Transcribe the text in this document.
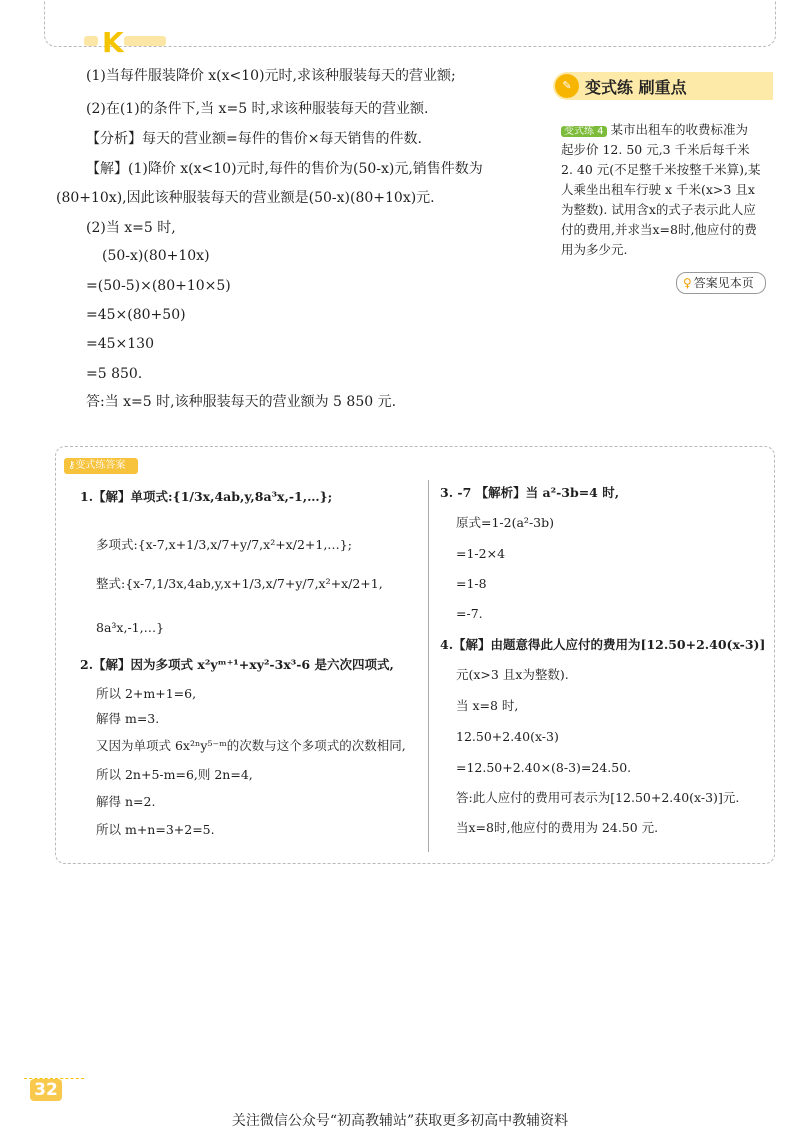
K
(1)当每件服装降价 x(x<10)元时,求该种服装每天的营业额;
(2)在(1)的条件下,当 x=5 时,求该种服装每天的营业额.
【分析】每天的营业额=每件的售价×每天销售的件数.
【解】(1)降价 x(x<10)元时,每件的售价为(50-x)元,销售件数为
(80+10x),因此该种服装每天的营业额是(50-x)(80+10x)元.
(2)当 x=5 时,
(50-x)(80+10x)
=(50-5)×(80+10×5)
=45×(80+50)
=45×130
=5 850.
答:当 x=5 时,该种服装每天的营业额为 5 850 元.
✎ 变式练 刷重点
变式练 4 某市出租车的收费标准为
起步价 12. 50 元,3 千米后每千米
2. 40 元(不足整千米按整千米算),某
人乘坐出租车行驶 x 千米(x>3 且x
为整数). 试用含x的式子表示此人应
付的费用,并求当x=8时,他应付的费
用为多少元.
♀ 答案见本页
⚷变式练答案
1.【解】单项式:{1/3x,4ab,y,8a³x,-1,…};
多项式:{x-7,x+1/3,x/7+y/7,x²+x/2+1,…};
整式:{x-7,1/3x,4ab,y,x+1/3,x/7+y/7,x²+x/2+1,
8a³x,-1,…}
2.【解】因为多项式 x²yᵐ⁺¹+xy²-3x³-6 是六次四项式,
所以 2+m+1=6,
解得 m=3.
又因为单项式 6x²ⁿy⁵⁻ᵐ的次数与这个多项式的次数相同,
所以 2n+5-m=6,则 2n=4,
解得 n=2.
所以 m+n=3+2=5.
3. -7 【解析】当 a²-3b=4 时,
原式=1-2(a²-3b)
=1-2×4
=1-8
=-7.
4.【解】由题意得此人应付的费用为[12.50+2.40(x-3)]
元(x>3 且x为整数).
当 x=8 时,
12.50+2.40(x-3)
=12.50+2.40×(8-3)=24.50.
答:此人应付的费用可表示为[12.50+2.40(x-3)]元.
当x=8时,他应付的费用为 24.50 元.
32
关注微信公众号“初高教辅站”获取更多初高中教辅资料
